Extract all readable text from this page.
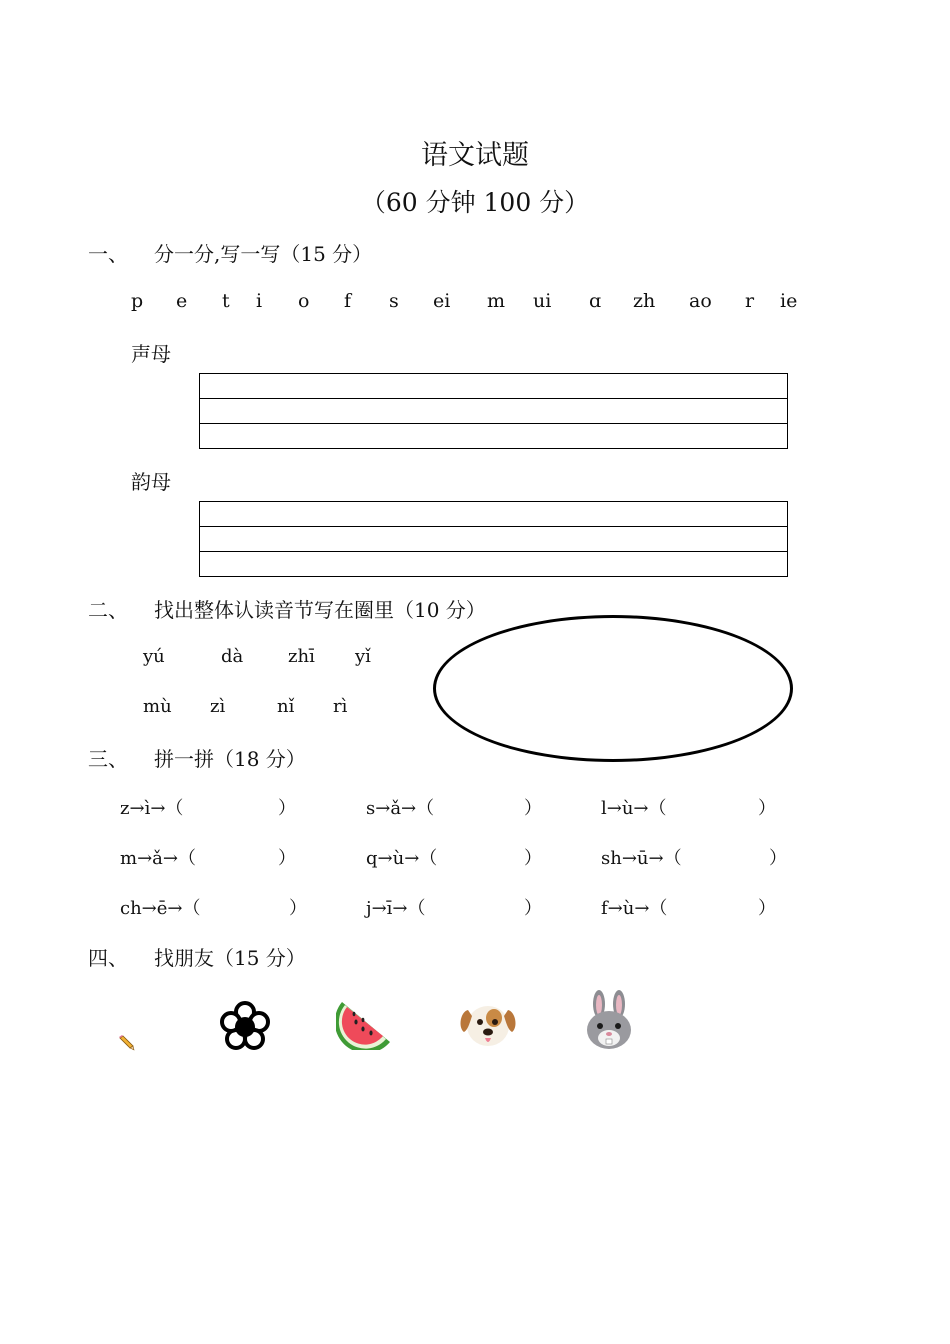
语文试题
（60 分钟 100 分）
一、 分一分,写一写（15 分）
p e t i o f s ei m ui ɑ zh ao r ie
声母

韵母

二、 找出整体认读音节写在圈里（10 分）
yú	dà zhī yǐ
mù zì	nǐ rì
三、 拼一拼（18 分）
z→ì→（	）	s→ǎ→（	）	l→ù→（	）
m→ǎ→（	）	q→ù→（	）	sh→ū→（	）
ch→ē→（	）	j→ī→（	）	f→ù→（	）
四、 找朋友（15 分）
